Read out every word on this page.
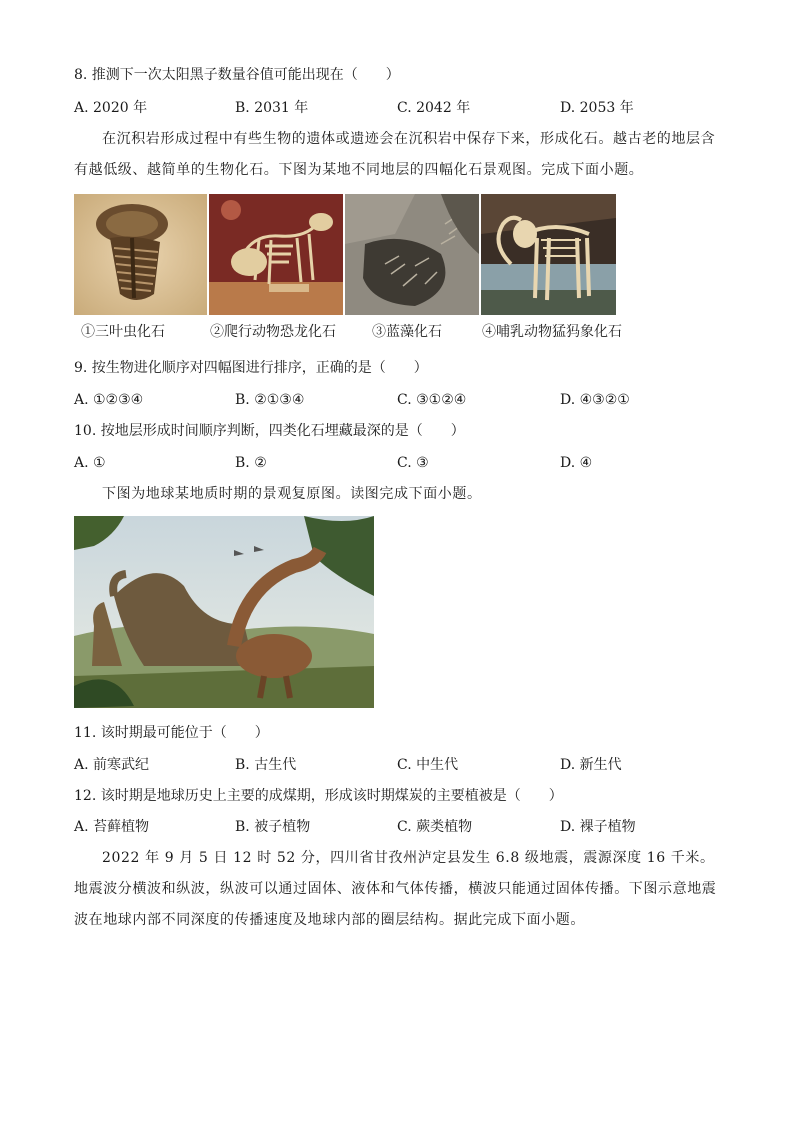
8. 推测下一次太阳黑子数量谷值可能出现在（　　）
A. 2020 年	B. 2031 年	C. 2042 年	D. 2053 年
在沉积岩形成过程中有些生物的遗体或遗迹会在沉积岩中保存下来，形成化石。越古老的地层含有越低级、越简单的生物化石。下图为某地不同地层的四幅化石景观图。完成下面小题。
①三叶虫化石	②爬行动物恐龙化石	③蓝藻化石	④哺乳动物猛犸象化石
9. 按生物进化顺序对四幅图进行排序，正确的是（　　）
A. ①②③④	B. ②①③④	C. ③①②④	D. ④③②①
10. 按地层形成时间顺序判断，四类化石埋藏最深的是（　　）
A. ①	B. ②	C. ③	D. ④
下图为地球某地质时期的景观复原图。读图完成下面小题。
11. 该时期最可能位于（　　）
A. 前寒武纪	B. 古生代	C. 中生代	D. 新生代
12. 该时期是地球历史上主要的成煤期，形成该时期煤炭的主要植被是（　　）
A. 苔藓植物	B. 被子植物	C. 蕨类植物	D. 裸子植物
2022 年 9 月 5 日 12 时 52 分，四川省甘孜州泸定县发生 6.8 级地震，震源深度 16 千米。地震波分横波和纵波，纵波可以通过固体、液体和气体传播，横波只能通过固体传播。下图示意地震波在地球内部不同深度的传播速度及地球内部的圈层结构。据此完成下面小题。
